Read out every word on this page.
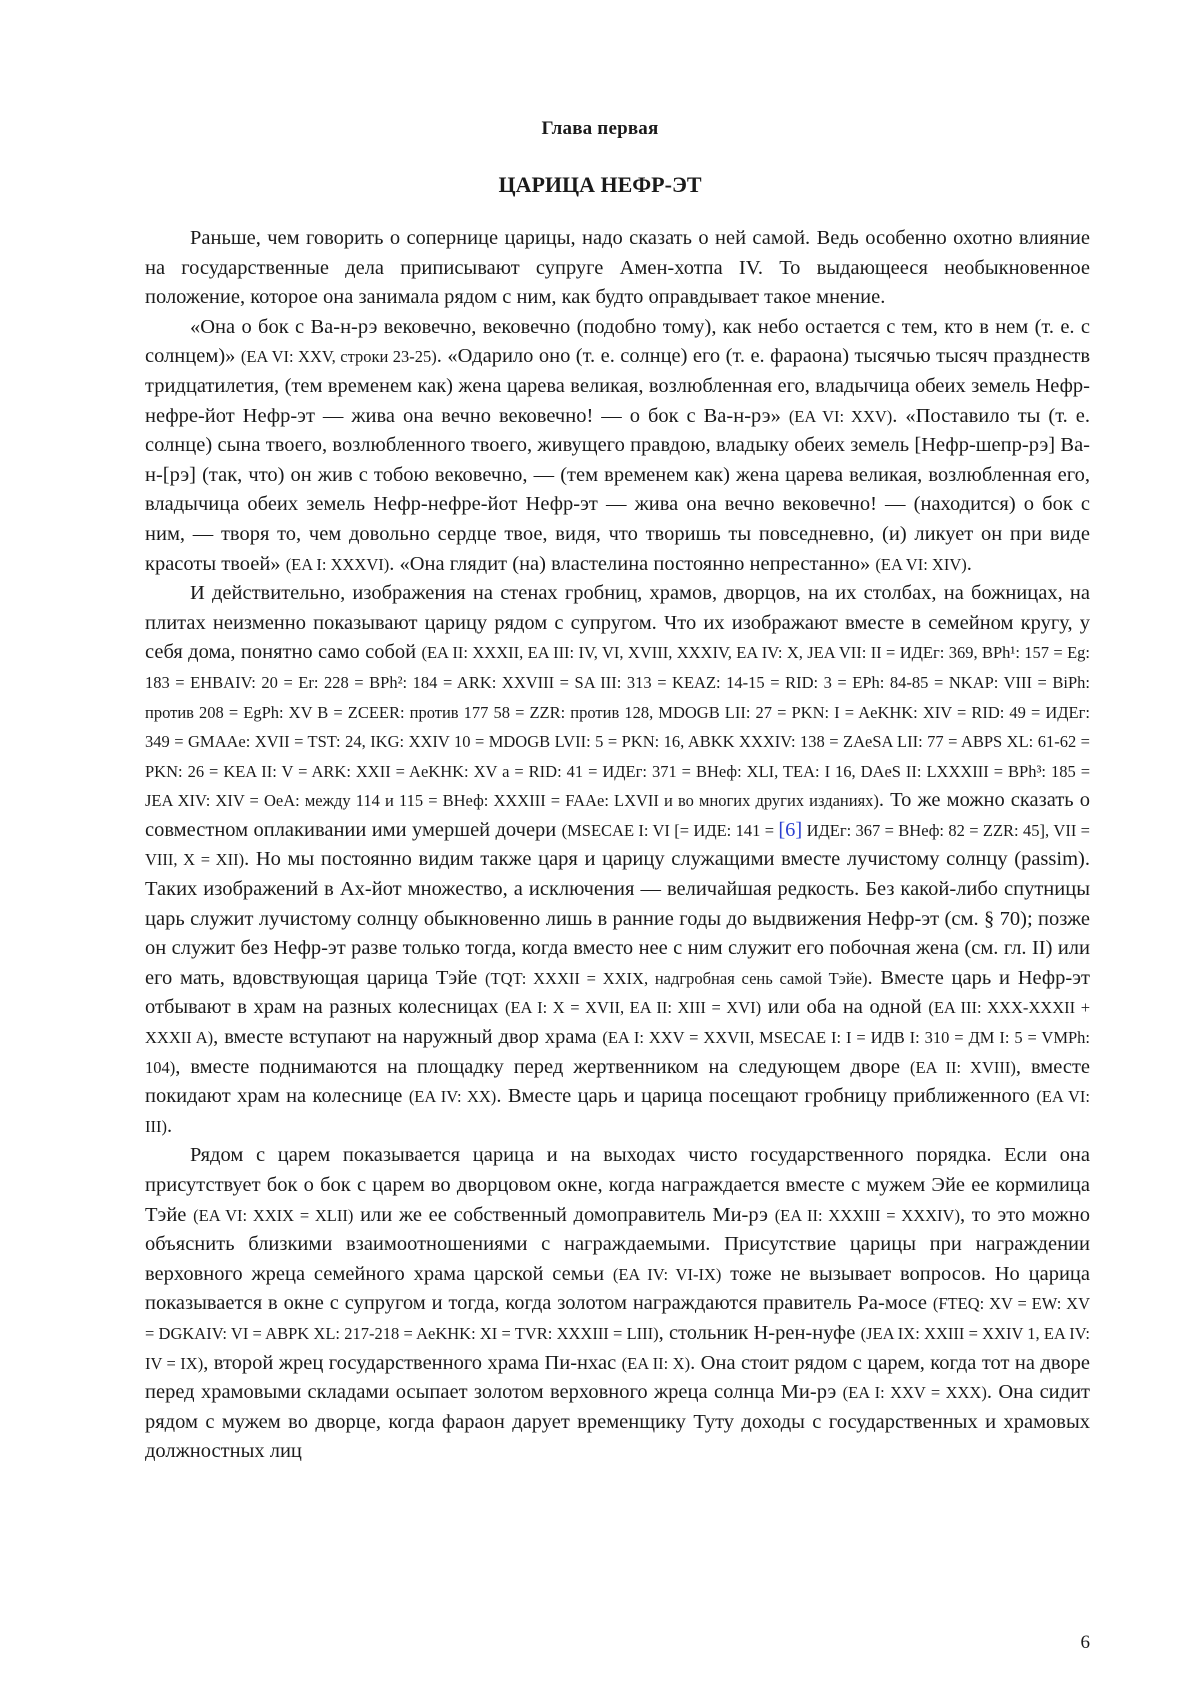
Глава первая
ЦАРИЦА НЕФР-ЭТ

Раньше, чем говорить о сопернице царицы, надо сказать о ней самой. Ведь особенно охотно влияние на государственные дела приписывают супруге Амен-хотпа IV. То выдающееся необыкновенное положение, которое она занимала рядом с ним, как будто оправдывает такое мнение.

«Она о бок с Ва-н-рэ вековечно, вековечно (подобно тому), как небо остается с тем, кто в нем (т. е. с солнцем)» (EA VI: XXV, строки 23-25). «Одарило оно (т. е. солнце) его (т. е. фараона) тысячью тысяч празднеств тридцатилетия, (тем временем как) жена царева великая, возлюбленная его, владычица обеих земель Нефр-нефре-йот Нефр-эт — жива она вечно вековечно! — о бок с Ва-н-рэ» (EA VI: XXV). «Поставило ты (т. е. солнце) сына твоего, возлюбленного твоего, живущего правдою, владыку обеих земель [Нефр-шепр-рэ] Ва-н-[рэ] (так, что) он жив с тобою вековечно, — (тем временем как) жена царева великая, возлюбленная его, владычица обеих земель Нефр-нефре-йот Нефр-эт — жива она вечно вековечно! — (находится) о бок с ним, — творя то, чем довольно сердце твое, видя, что творишь ты повседневно, (и) ликует он при виде красоты твоей» (EA I: XXXVI). «Она глядит (на) властелина постоянно непрестанно» (EA VI: XIV).

И действительно, изображения на стенах гробниц, храмов, дворцов, на их столбах, на божницах, на плитах неизменно показывают царицу рядом с супругом. Что их изображают вместе в семейном кругу, у себя дома, понятно само собой (EA II: XXXII, EA III: IV, VI, XVIII, XXXIV, EA IV: X, JEA VII: II = ИДЕг: 369, BPh¹: 157 = Eg: 183 = EHBAIV: 20 = Er: 228 = BPh²: 184 = ARK: XXVIII = SA III: 313 = KEAZ: 14-15 = RID: 3 = EPh: 84-85 = NKAP: VIII = BiPh: против 208 = EgPh: XV B = ZCEER: против 177 58 = ZZR: против 128, MDOGB LII: 27 = PKN: I = AeKHK: XIV = RID: 49 = ИДЕг: 349 = GMAAe: XVII = TST: 24, IKG: XXIV 10 = MDOGB LVII: 5 = PKN: 16, ABKK XXXIV: 138 = ZAeSA LII: 77 = ABPS XL: 61-62 = PKN: 26 = KEA II: V = ARK: XXII = AeKHK: XV a = RID: 41 = ИДЕг: 371 = ВНеф: XLI, TEA: I 16, DAeS II: LXXXIII = BPh³: 185 = JEA XIV: XIV = OeA: между 114 и 115 = ВНеф: XXXIII = FAAe: LXVII и во многих других изданиях). То же можно сказать о совместном оплакивании ими умершей дочери (MSECAE I: VI [= ИДЕ: 141 = [6] ИДЕг: 367 = ВНеф: 82 = ZZR: 45], VII = VIII, X = XII). Но мы постоянно видим также царя и царицу служащими вместе лучистому солнцу (passim). Таких изображений в Ах-йот множество, а исключения — величайшая редкость. Без какой-либо спутницы царь служит лучистому солнцу обыкновенно лишь в ранние годы до выдвижения Нефр-эт (см. § 70); позже он служит без Нефр-эт разве только тогда, когда вместо нее с ним служит его побочная жена (см. гл. II) или его мать, вдовствующая царица Тэйе (TQT: XXXII = XXIX, надгробная сень самой Тэйе). Вместе царь и Нефр-эт отбывают в храм на разных колесницах (EA I: X = XVII, EA II: XIII = XVI) или оба на одной (EA III: XXX-XXXII + XXXII A), вместе вступают на наружный двор храма (EA I: XXV = XXVII, MSECAE I: I = ИДВ I: 310 = ДМ I: 5 = VMPh: 104), вместе поднимаются на площадку перед жертвенником на следующем дворе (EA II: XVIII), вместе покидают храм на колеснице (EA IV: XX). Вместе царь и царица посещают гробницу приближенного (EA VI: III).

Рядом с царем показывается царица и на выходах чисто государственного порядка. Если она присутствует бок о бок с царем во дворцовом окне, когда награждается вместе с мужем Эйе ее кормилица Тэйе (EA VI: XXIX = XLII) или же ее собственный домоправитель Ми-рэ (EA II: XXXIII = XXXIV), то это можно объяснить близкими взаимоотношениями с награждаемыми. Присутствие царицы при награждении верховного жреца семейного храма царской семьи (EA IV: VI-IX) тоже не вызывает вопросов. Но царица показывается в окне с супругом и тогда, когда золотом награждаются правитель Ра-мосе (FTEQ: XV = EW: XV = DGKAIV: VI = ABPK XL: 217-218 = AeKHK: XI = TVR: XXXIII = LIII), стольник Н-рен-нуфе (JEA IX: XXIII = XXIV 1, EA IV: IV = IX), второй жрец государственного храма Пи-нхас (EA II: X). Она стоит рядом с царем, когда тот на дворе перед храмовыми складами осыпает золотом верховного жреца солнца Ми-рэ (EA I: XXV = XXX). Она сидит рядом с мужем во дворце, когда фараон дарует временщику Туту доходы с государственных и храмовых должностных лиц

6
